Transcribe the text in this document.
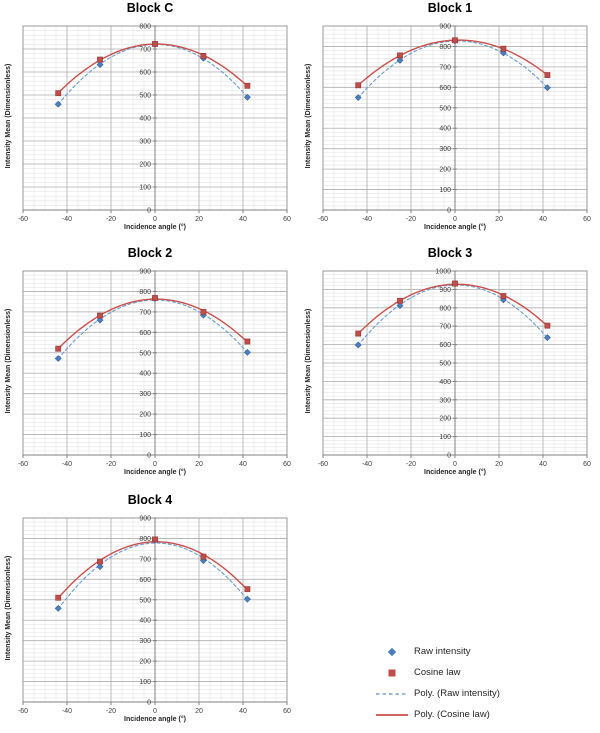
Block C
Intensity Mean (Dimensionless)
0
100
200
300
400
500
600
700
800
-60	-40	-20	0	20	40	60
Incidence angle (°)
Block 1
Intensity Mean (Dimensionless)
0
100
200
300
400
500
600
700
800
900
-60	-40	-20	0	20	40	60
Incidence angle (°)
Block 2
Intensity Mean (Dimensionless)
0
100
200
300
400
500
600
700
800
900
-60	-40	-20	0	20	40	60
Incidence angle (°)
Block 3
Intensity Mean (Dimensionless)
0
100
200
300
400
500
600
700
800
900
1000
-60	-40	-20	0	20	40	60
Incidence angle (°)
Block 4
Intensity Mean (Dimensionless)
0
100
200
300
400
500
600
700
800
900
-60	-40	-20	0	20	40	60
Incidence angle (°)
Raw intensity
Cosine law
Poly. (Raw intensity)
Poly. (Cosine law)
